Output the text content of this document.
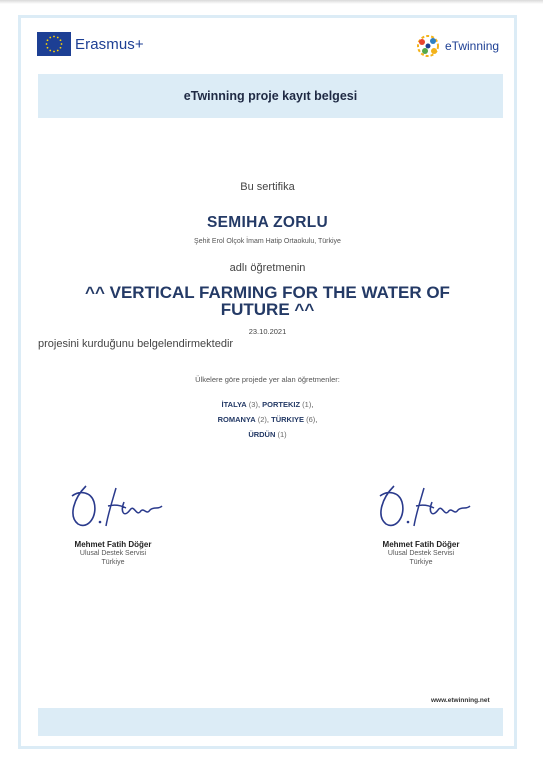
Erasmus+	eTwinning
eTwinning proje kayıt belgesi
Bu sertifika
SEMIHA ZORLU
Şehit Erol Olçok İmam Hatip Ortaokulu, Türkiye
adlı öğretmenin
^^ VERTICAL FARMING FOR THE WATER OF FUTURE ^^
23.10.2021
projesini kurduğunu belgelendirmektedir
Ülkelere göre projede yer alan öğretmenler:
İTALYA (3), PORTEKIZ (1),
ROMANYA (2), TÜRKIYE (6),
ÜRDÜN (1)
Mehmet Fatih Döğer
Ulusal Destek Servisi
Türkiye
Mehmet Fatih Döğer
Ulusal Destek Servisi
Türkiye
www.etwinning.net
